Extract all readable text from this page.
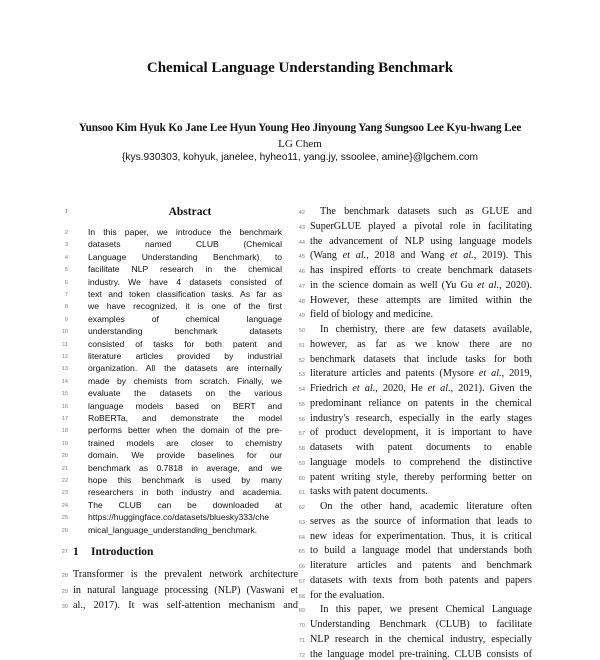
Chemical Language Understanding Benchmark
Yunsoo Kim Hyuk Ko Jane Lee Hyun Young Heo Jinyoung Yang Sungsoo Lee Kyu-hwang Lee
LG Chem
{kys.930303, kohyuk, janelee, hyheo11, yang.jy, ssoolee, amine}@lgchem.com
1	Abstract
2 In this paper, we introduce the benchmark
3 datasets named CLUB (Chemical
4 Language Understanding Benchmark) to
5 facilitate NLP research in the chemical
6 industry. We have 4 datasets consisted of
7 text and token classification tasks. As far as
8 we have recognized, it is one of the first
9 examples of chemical language
10 understanding benchmark datasets
11 consisted of tasks for both patent and
12 literature articles provided by industrial
13 organization. All the datasets are internally
14 made by chemists from scratch. Finally, we
15 evaluate the datasets on the various
16 language models based on BERT and
17 RoBERTa, and demonstrate the model
18 performs better when the domain of the pre-
19 trained models are closer to chemistry
20 domain. We provide baselines for our
21 benchmark as 0.7818 in average, and we
22 hope this benchmark is used by many
23 researchers in both industry and academia.
24 The CLUB can be downloaded at
25 https://huggingface.co/datasets/bluesky333/che
26 mical_language_understanding_benchmark.
27 1 Introduction
28 Transformer is the prevalent network architecture
29 in natural language processing (NLP) (Vaswani et
30 al., 2017). It was self-attention mechanism and
42	The benchmark datasets such as GLUE and
43 SuperGLUE played a pivotal role in facilitating
44 the advancement of NLP using language models
45 (Wang et al., 2018 and Wang et al., 2019). This
46 has inspired efforts to create benchmark datasets
47 in the science domain as well (Yu Gu et al., 2020).
48 However, these attempts are limited within the
49 field of biology and medicine.
50	In chemistry, there are few datasets available,
51 however, as far as we know there are no
52 benchmark datasets that include tasks for both
53 literature articles and patents (Mysore et al., 2019,
54 Friedrich et al., 2020, He et al., 2021). Given the
55 predominant reliance on patents in the chemical
56 industry's research, especially in the early stages
57 of product development, it is important to have
58 datasets with patent documents to enable
59 language models to comprehend the distinctive
60 patent writing style, thereby performing better on
61 tasks with patent documents.
62	On the other hand, academic literature often
63 serves as the source of information that leads to
64 new ideas for experimentation. Thus, it is critical
65 to build a language model that understands both
66 literature articles and patents and benchmark
67 datasets with texts from both patents and papers
68 for the evaluation.
69	In this paper, we present Chemical Language
70 Understanding Benchmark (CLUB) to facilitate
71 NLP research in the chemical industry, especially
72 the language model pre-training. CLUB consists of
